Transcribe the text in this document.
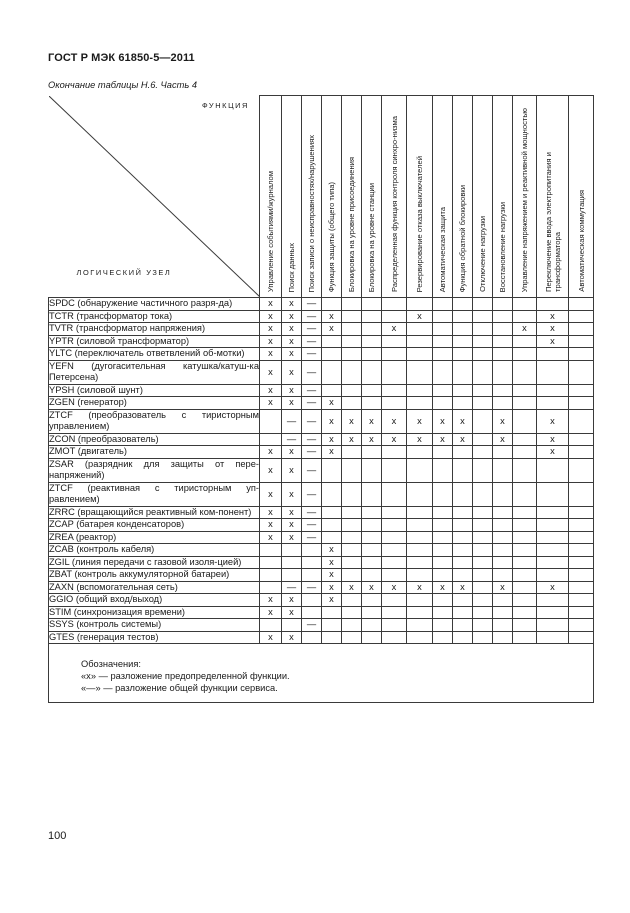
ГОСТ Р МЭК 61850-5—2011
Окончание таблицы Н.6. Часть 4
ФУНКЦИЯ
ЛОГИЧЕСКИЙ УЗЕЛ	Управление событиями/журналом	Поиск данных	Поиск записи о неисправностях/нарушениях	Функция защиты (общего типа)	Блокировка на уровне присоединения	Блокировка на уровне станции	Распределенная функция контроля синхро-низма	Резервирование отказа выключателей	Автоматическая защита	Функция обратной блокировки	Отключение нагрузки	Восстановление нагрузки	Управление напряжением и реактивной мощностью	Переключение ввода электропитания и трансформатора	Автоматическая коммутация

SPDC (обнаружение частичного разря-да)	x	x	—												
TCTR (трансформатор тока)	x	x	—	x				x						x	
TVTR (трансформатор напряжения)	x	x	—	x			x						x	x	
YPTR (силовой трансформатор)	x	x	—											x	
YLTC (переключатель ответвлений об-мотки)	x	x	—												
YEFN (дугогасительная катушка/катуш-ка Петерсена)	x	x	—												
YPSH (силовой шунт)	x	x	—												
ZGEN (генератор)	x	x	—	x											
ZTCF (преобразователь с тиристорным управлением)		—	—	x	x	x	x	x	x	x		x		x	
ZCON (преобразователь)		—	—	x	x	x	x	x	x	x		x		x	
ZMOT (двигатель)	x	x	—	x										x	
ZSAR (разрядник для защиты от пере-напряжений)	x	x	—												
ZTCF (реактивная с тиристорным уп-равлением)	x	x	—												
ZRRC (вращающийся реактивный ком-понент)	x	x	—												
ZCAP (батарея конденсаторов)	x	x	—												
ZREA (реактор)	x	x	—												
ZCAB (контроль кабеля)				x											
ZGIL (линия передачи с газовой изоля-цией)				x											
ZBAT (контроль аккумуляторной батареи)				x											
ZAXN (вспомогательная сеть)		—	—	x	x	x	x	x	x	x		x		x	
GGIO (общий вход/выход)	x	x		x											
STIM (синхронизация времени)	x	x													
SSYS (контроль системы)			—												
GTES (генерация тестов)	x	x													

Обозначения:
«x» — разложение предопределенной функции.
«—» — разложение общей функции сервиса.															
100
